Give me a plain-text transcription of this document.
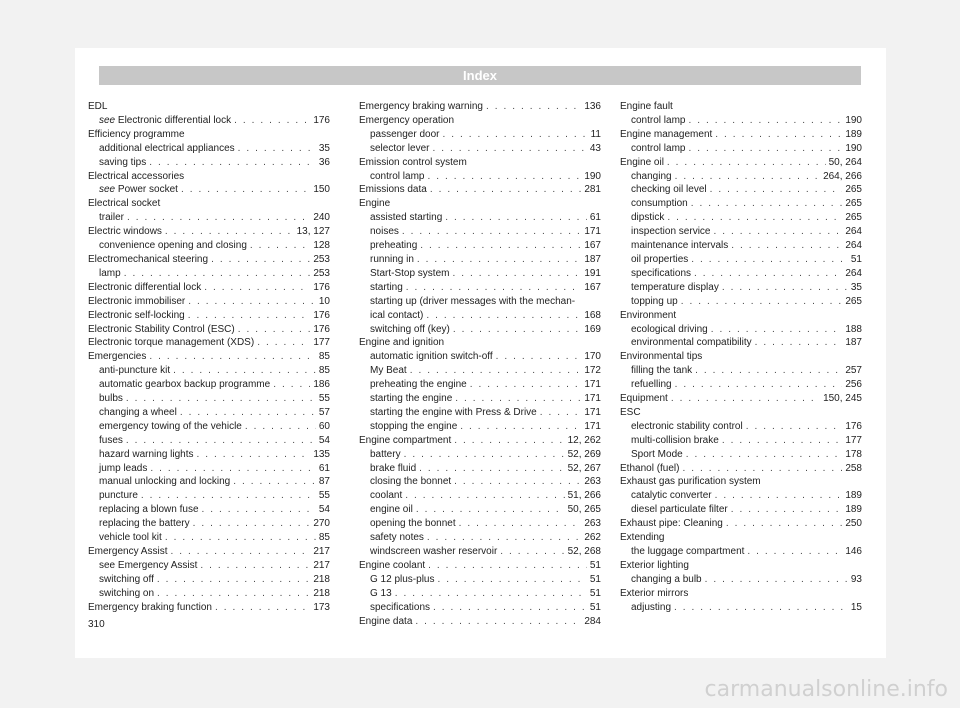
Index
EDL
see Electronic differential lock . . .	176
Efficiency programme
additional electrical appliances . . .	35
saving tips . . .	36
Electrical accessories
see Power socket . . .	150
Electrical socket
trailer . . .	240
Electric windows . . .	13, 127
convenience opening and closing . . .	128
Electromechanical steering . . .	253
lamp . . .	253
Electronic differential lock . . .	176
Electronic immobiliser . . .	10
Electronic self-locking . . .	176
Electronic Stability Control (ESC) . . .	176
Electronic torque management (XDS) . . .	177
Emergencies . . .	85
anti-puncture kit . . .	85
automatic gearbox backup programme . . .	186
bulbs . . .	55
changing a wheel . . .	57
emergency towing of the vehicle . . .	60
fuses . . .	54
hazard warning lights . . .	135
jump leads . . .	61
manual unlocking and locking . . .	87
puncture . . .	55
replacing a blown fuse . . .	54
replacing the battery . . .	270
vehicle tool kit . . .	85
Emergency Assist . . .	217
see Emergency Assist . . .	217
switching off . . .	218
switching on . . .	218
Emergency braking function . . .	173
Emergency braking warning . . .	136
Emergency operation
passenger door . . .	11
selector lever . . .	43
Emission control system
control lamp . . .	190
Emissions data . . .	281
Engine
assisted starting . . .	61
noises . . .	171
preheating . . .	167
running in . . .	187
Start-Stop system . . .	191
starting . . .	167
starting up (driver messages with the mechan-
ical contact) . . .	168
switching off (key) . . .	169
Engine and ignition
automatic ignition switch-off . . .	170
My Beat . . .	172
preheating the engine . . .	171
starting the engine . . .	171
starting the engine with Press & Drive . . .	171
stopping the engine . . .	171
Engine compartment . . .	12, 262
battery . . .	52, 269
brake fluid . . .	52, 267
closing the bonnet . . .	263
coolant . . .	51, 266
engine oil . . .	50, 265
opening the bonnet . . .	263
safety notes . . .	262
windscreen washer reservoir . . .	52, 268
Engine coolant . . .	51
G 12 plus-plus . . .	51
G 13 . . .	51
specifications . . .	51
Engine data . . .	284
Engine fault
control lamp . . .	190
Engine management . . .	189
control lamp . . .	190
Engine oil . . .	50, 264
changing . . .	264, 266
checking oil level . . .	265
consumption . . .	265
dipstick . . .	265
inspection service . . .	264
maintenance intervals . . .	264
oil properties . . .	51
specifications . . .	264
temperature display . . .	35
topping up . . .	265
Environment
ecological driving . . .	188
environmental compatibility . . .	187
Environmental tips
filling the tank . . .	257
refuelling . . .	256
Equipment . . .	150, 245
ESC
electronic stability control . . .	176
multi-collision brake . . .	177
Sport Mode . . .	178
Ethanol (fuel) . . .	258
Exhaust gas purification system
catalytic converter . . .	189
diesel particulate filter . . .	189
Exhaust pipe: Cleaning . . .	250
Extending
the luggage compartment . . .	146
Exterior lighting
changing a bulb . . .	93
Exterior mirrors
adjusting . . .	15
310
carmanualsonline.info
